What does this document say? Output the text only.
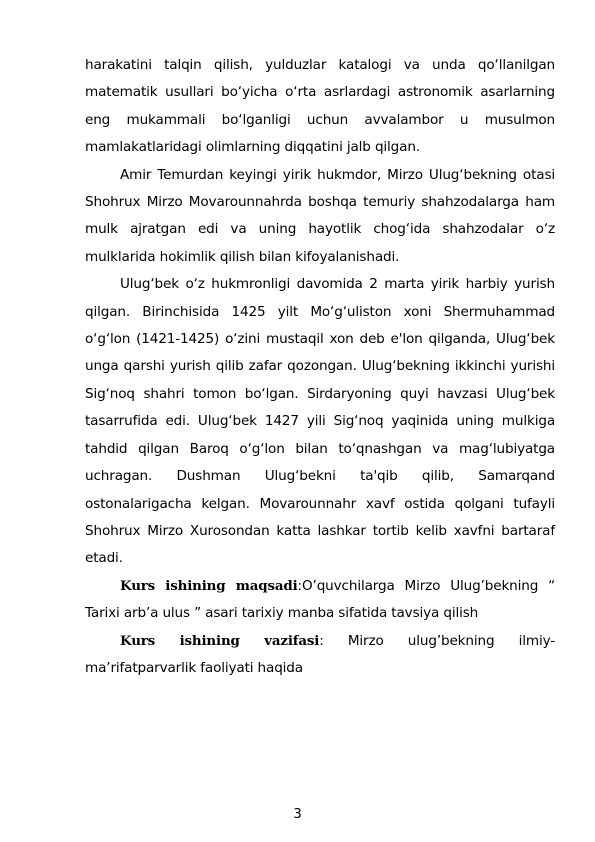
harakatini talqin qilish, yulduzlar katalogi va unda qo‘llanilgan matematik usullari bo‘yicha o‘rta asrlardagi astronomik asarlarning eng mukammali bo‘lganligi uchun avvalambor u musulmon mamlakatlaridagi olimlarning diqqatini jalb qilgan.

Amir Temurdan keyingi yirik hukmdor, Mirzo Ulug‘bekning otasi Shohrux Mirzo Movarounnahrda boshqa temuriy shahzodalarga ham mulk ajratgan edi va uning hayotlik chog‘ida shahzodalar o‘z mulklarida hokimlik qilish bilan kifoyalanishadi.

Ulug‘bek o‘z hukmronligi davomida 2 marta yirik harbiy yurish qilgan. Birinchisida 1425 yilt Mo‘g‘uliston xoni Shermuhammad o‘g‘lon (1421-1425) o‘zini mustaqil xon deb e'lon qilganda, Ulug‘bek unga qarshi yurish qilib zafar qozongan. Ulug‘bekning ikkinchi yurishi Sig‘noq shahri tomon bo‘lgan. Sirdaryoning quyi havzasi Ulug‘bek tasarrufida edi. Ulug‘bek 1427 yili Sig‘noq yaqinida uning mulkiga tahdid qilgan Baroq o‘g‘lon bilan to‘qnashgan va mag‘lubiyatga uchragan. Dushman Ulug‘bekni ta'qib qilib, Samarqand ostonalarigacha kelgan. Movarounnahr xavf ostida qolgani tufayli Shohrux Mirzo Xurosondan katta lashkar tortib kelib xavfni bartaraf etadi.

Kurs ishining maqsadi:O’quvchilarga Mirzo Ulug’bekning “ Tarixi arb’a ulus ” asari tarixiy manba sifatida tavsiya qilish

Kurs ishining vazifasi: Mirzo ulug’bekning ilmiy-ma’rifatparvarlik faoliyati haqida

3
